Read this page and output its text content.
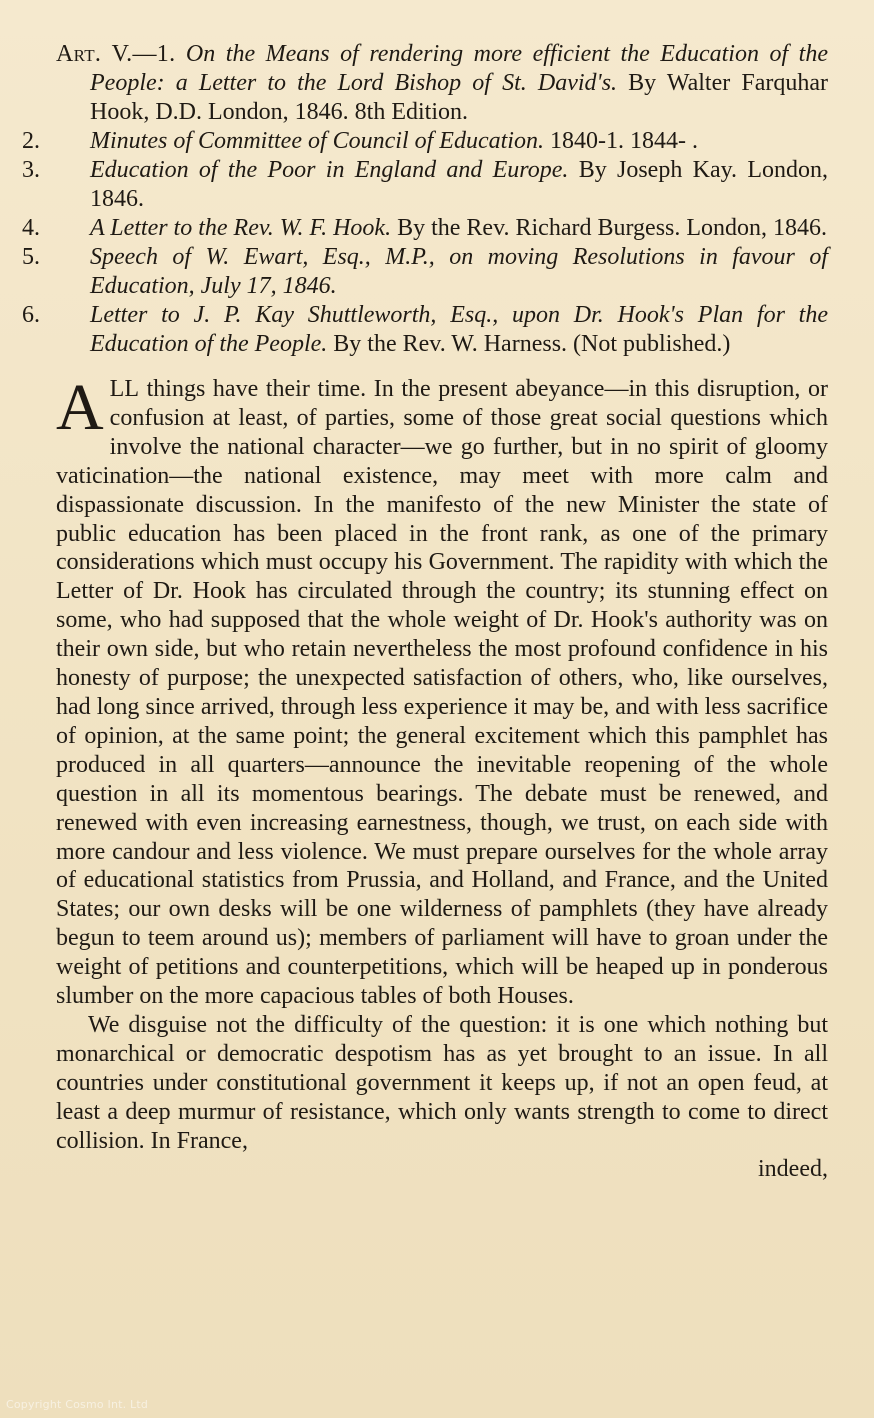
Art. V.—1. On the Means of rendering more efficient the Education of the People: a Letter to the Lord Bishop of St. David's. By Walter Farquhar Hook, D.D. London, 1846. 8th Edition.
2. Minutes of Committee of Council of Education. 1840-1. 1844- .
3. Education of the Poor in England and Europe. By Joseph Kay. London, 1846.
4. A Letter to the Rev. W. F. Hook. By the Rev. Richard Burgess. London, 1846.
5. Speech of W. Ewart, Esq., M.P., on moving Resolutions in favour of Education, July 17, 1846.
6. Letter to J. P. Kay Shuttleworth, Esq., upon Dr. Hook's Plan for the Education of the People. By the Rev. W. Harness. (Not published.)

ALL things have their time. In the present abeyance—in this disruption, or confusion at least, of parties, some of those great social questions which involve the national character—we go further, but in no spirit of gloomy vaticination—the national existence, may meet with more calm and dispassionate discussion. In the manifesto of the new Minister the state of public education has been placed in the front rank, as one of the primary considerations which must occupy his Government. The rapidity with which the Letter of Dr. Hook has circulated through the country; its stunning effect on some, who had supposed that the whole weight of Dr. Hook's authority was on their own side, but who retain nevertheless the most profound confidence in his honesty of purpose; the unexpected satisfaction of others, who, like ourselves, had long since arrived, through less experience it may be, and with less sacrifice of opinion, at the same point; the general excitement which this pamphlet has produced in all quarters—announce the inevitable reopening of the whole question in all its momentous bearings. The debate must be renewed, and renewed with even increasing earnestness, though, we trust, on each side with more candour and less violence. We must prepare ourselves for the whole array of educational statistics from Prussia, and Holland, and France, and the United States; our own desks will be one wilderness of pamphlets (they have already begun to teem around us); members of parliament will have to groan under the weight of petitions and counterpetitions, which will be heaped up in ponderous slumber on the more capacious tables of both Houses.

We disguise not the difficulty of the question: it is one which nothing but monarchical or democratic despotism has as yet brought to an issue. In all countries under constitutional government it keeps up, if not an open feud, at least a deep murmur of resistance, which only wants strength to come to direct collision. In France,
indeed,

Copyright Cosmo Int. Ltd
